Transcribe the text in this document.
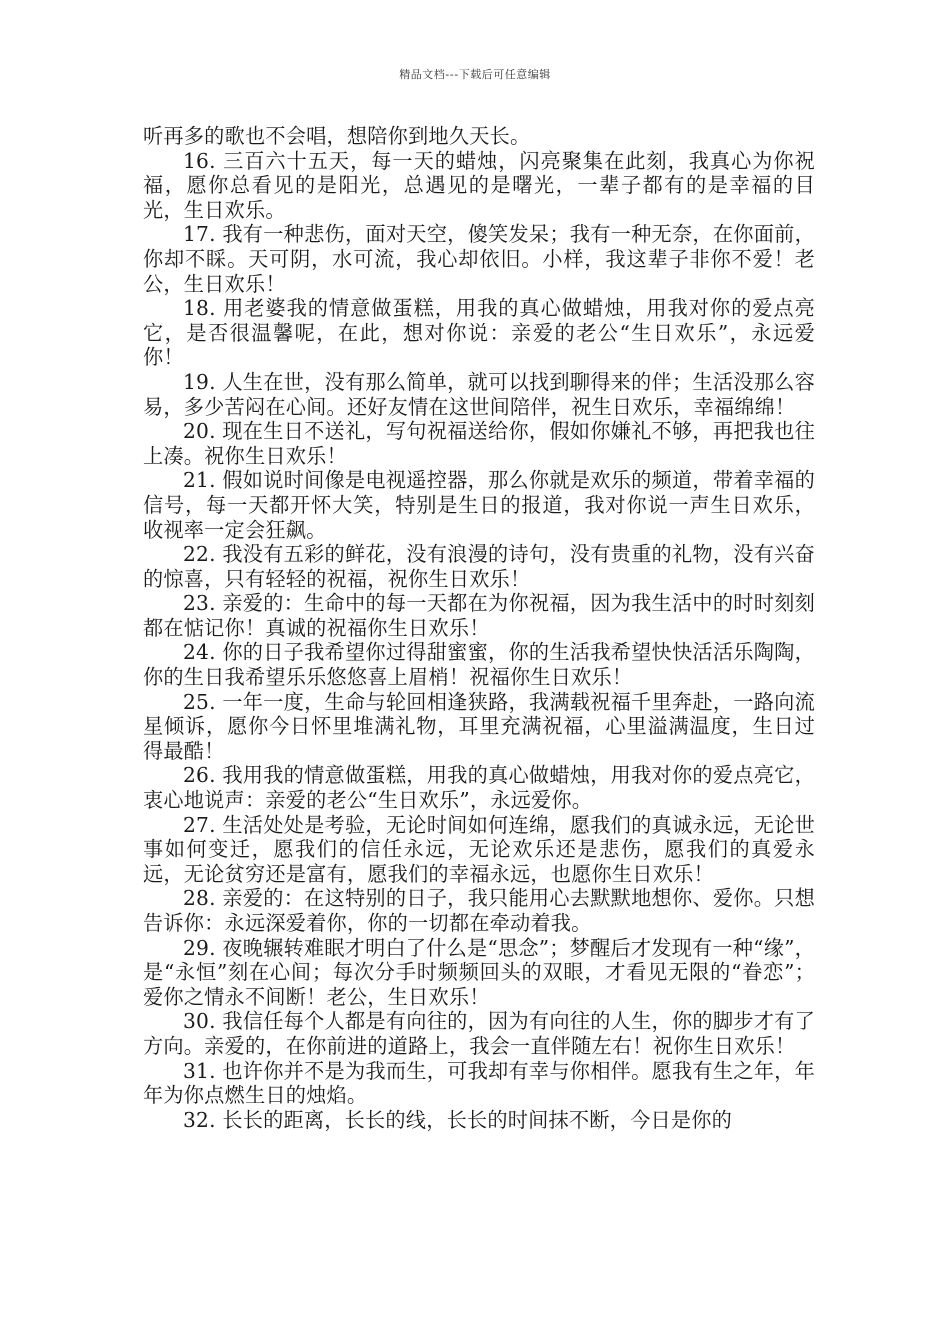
精品文档---下载后可任意编辑

听再多的歌也不会唱，想陪你到地久天长。

16. 三百六十五天，每一天的蜡烛，闪亮聚集在此刻，我真心为你祝福，愿你总看见的是阳光，总遇见的是曙光，一辈子都有的是幸福的目光，生日欢乐。

17. 我有一种悲伤，面对天空，傻笑发呆；我有一种无奈，在你面前，你却不睬。天可阴，水可流，我心却依旧。小样，我这辈子非你不爱！老公，生日欢乐！

18. 用老婆我的情意做蛋糕，用我的真心做蜡烛，用我对你的爱点亮它，是否很温馨呢，在此，想对你说：亲爱的老公“生日欢乐”，永远爱你！

19. 人生在世，没有那么简单，就可以找到聊得来的伴；生活没那么容易，多少苦闷在心间。还好友情在这世间陪伴，祝生日欢乐，幸福绵绵！

20. 现在生日不送礼，写句祝福送给你，假如你嫌礼不够，再把我也往上凑。祝你生日欢乐！

21. 假如说时间像是电视遥控器，那么你就是欢乐的频道，带着幸福的信号，每一天都开怀大笑，特别是生日的报道，我对你说一声生日欢乐，收视率一定会狂飙。

22. 我没有五彩的鲜花，没有浪漫的诗句，没有贵重的礼物，没有兴奋的惊喜，只有轻轻的祝福，祝你生日欢乐！

23. 亲爱的：生命中的每一天都在为你祝福，因为我生活中的时时刻刻都在惦记你！真诚的祝福你生日欢乐！

24. 你的日子我希望你过得甜蜜蜜，你的生活我希望快快活活乐陶陶，你的生日我希望乐乐悠悠喜上眉梢！祝福你生日欢乐！

25. 一年一度，生命与轮回相逢狭路，我满载祝福千里奔赴，一路向流星倾诉，愿你今日怀里堆满礼物，耳里充满祝福，心里溢满温度，生日过得最酷！

26. 我用我的情意做蛋糕，用我的真心做蜡烛，用我对你的爱点亮它，衷心地说声：亲爱的老公“生日欢乐”，永远爱你。

27. 生活处处是考验，无论时间如何连绵，愿我们的真诚永远，无论世事如何变迁，愿我们的信任永远，无论欢乐还是悲伤，愿我们的真爱永远，无论贫穷还是富有，愿我们的幸福永远，也愿你生日欢乐！

28. 亲爱的：在这特别的日子，我只能用心去默默地想你、爱你。只想告诉你：永远深爱着你，你的一切都在牵动着我。

29. 夜晚辗转难眠才明白了什么是“思念”；梦醒后才发现有一种“缘”，是“永恒”刻在心间；每次分手时频频回头的双眼，才看见无限的“眷恋”；爱你之情永不间断！老公，生日欢乐！

30. 我信任每个人都是有向往的，因为有向往的人生，你的脚步才有了方向。亲爱的，在你前进的道路上，我会一直伴随左右！祝你生日欢乐！

31. 也许你并不是为我而生，可我却有幸与你相伴。愿我有生之年，年年为你点燃生日的烛焰。

32. 长长的距离，长长的线，长长的时间抹不断，今日是你的
